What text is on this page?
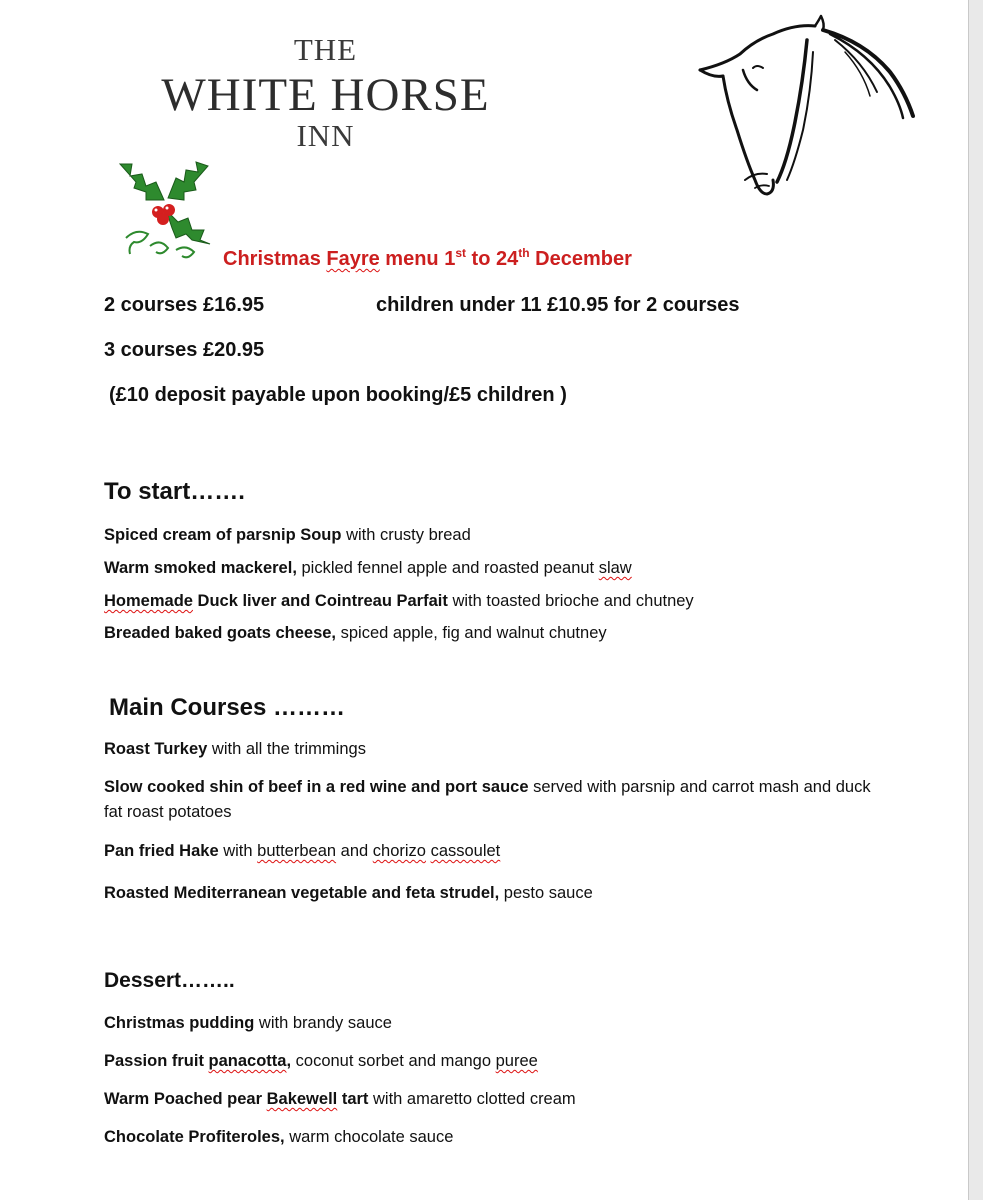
THE
WHITE HORSE
INN
Christmas Fayre menu 1st to 24th December
2 courses £16.95	children under 11 £10.95 for 2 courses
3 courses £20.95
(£10 deposit payable upon booking/£5 children )
To start…….
Spiced cream of parsnip Soup with crusty bread
Warm smoked mackerel, pickled fennel apple and roasted peanut slaw
Homemade Duck liver and Cointreau Parfait with toasted brioche and chutney
Breaded baked goats cheese, spiced apple, fig and walnut chutney
Main Courses ………
Roast Turkey with all the trimmings
Slow cooked shin of beef in a red wine and port sauce served with parsnip and carrot mash and duck fat roast potatoes
Pan fried Hake with butterbean and chorizo cassoulet
Roasted Mediterranean vegetable and feta strudel, pesto sauce
Dessert……..
Christmas pudding with brandy sauce
Passion fruit panacotta, coconut sorbet and mango puree
Warm Poached pear Bakewell tart with amaretto clotted cream
Chocolate Profiteroles, warm chocolate sauce
